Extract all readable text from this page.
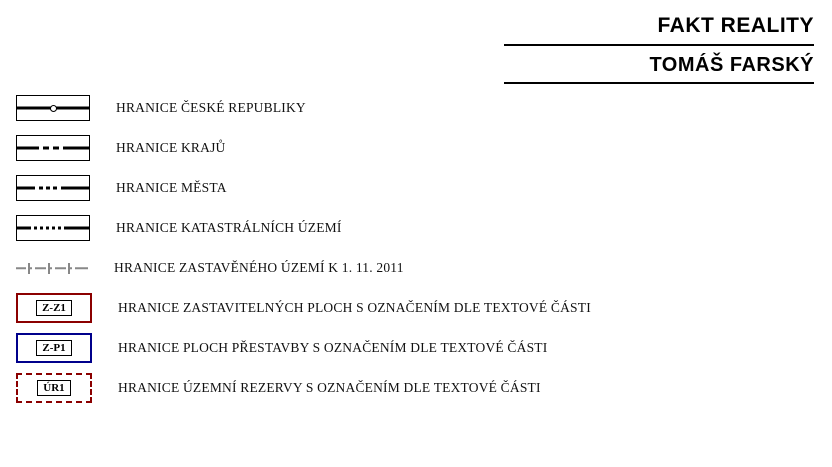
FAKT REALITY
TOMÁŠ FARSKÝ
HRANICE ČESKÉ REPUBLIKY
HRANICE KRAJŮ
HRANICE MĚSTA
HRANICE KATASTRÁLNÍCH ÚZEMÍ
HRANICE ZASTAVĚNÉHO ÚZEMÍ K 1. 11. 2011
Z-Z1	HRANICE ZASTAVITELNÝCH PLOCH S OZNAČENÍM DLE TEXTOVÉ ČÁSTI
Z-P1	HRANICE PLOCH PŘESTAVBY S OZNAČENÍM DLE TEXTOVÉ ČÁSTI
ÚR1	HRANICE ÚZEMNÍ REZERVY S OZNAČENÍM DLE TEXTOVÉ ČÁSTI
